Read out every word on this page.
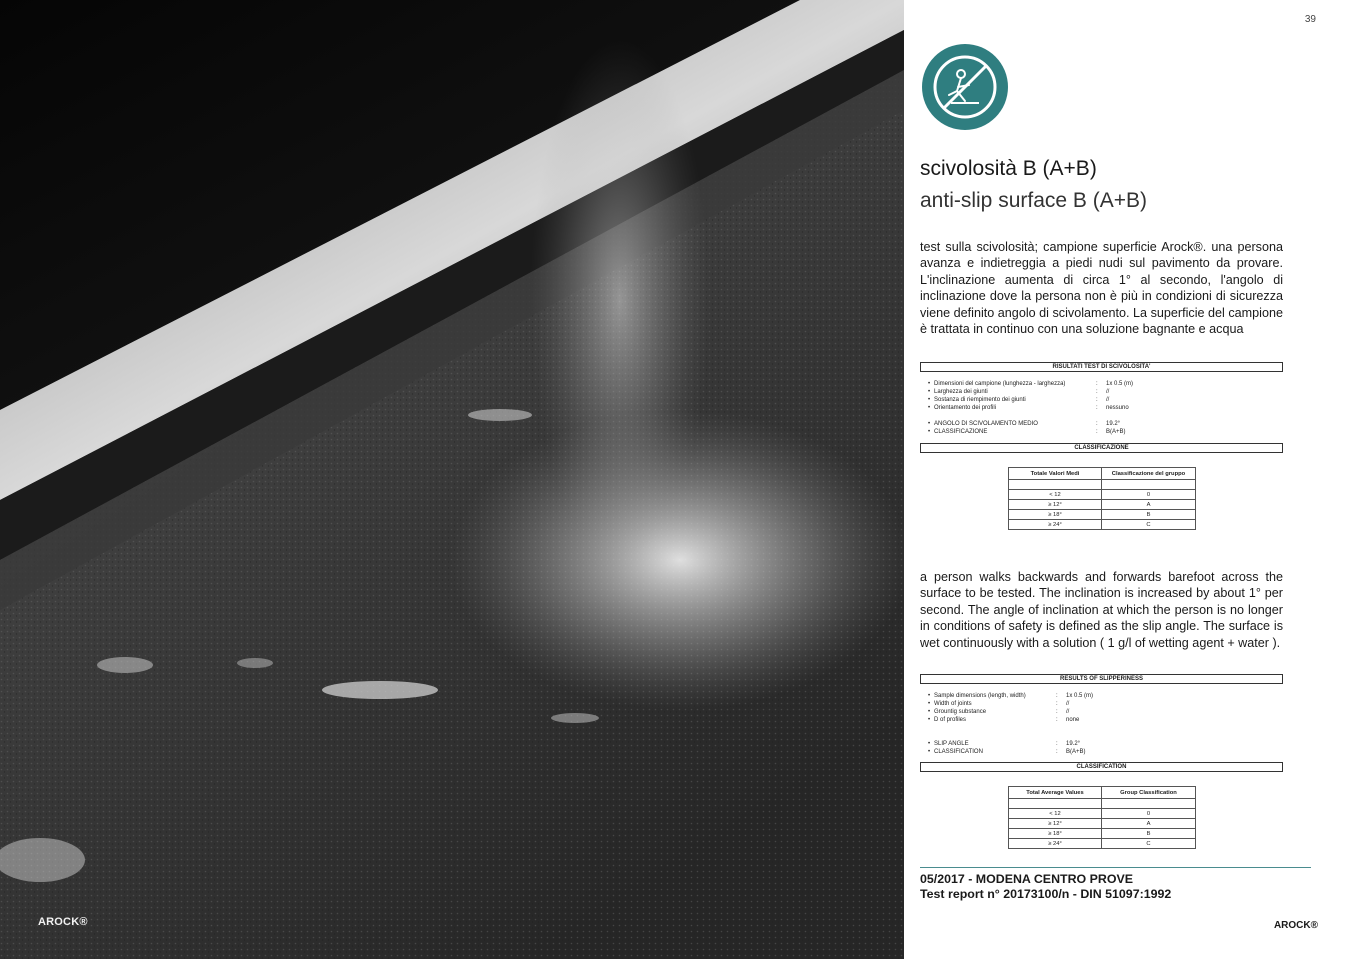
AROCK®
39
scivolosità B (A+B)
anti-slip surface B (A+B)

test sulla scivolosità; campione superficie Arock®. una persona avanza e indietreggia a piedi nudi sul pavimento da provare. L'inclinazione aumenta di circa 1° al secondo, l'angolo di inclinazione dove la persona non è più in condizioni di sicurezza viene definito angolo di scivolamento. La superficie del campione è trattata in continuo con una soluzione bagnante e acqua

RISULTATI TEST DI SCIVOLOSITA'
• Dimensioni del campione (lunghezza - larghezza)	:	1x 0.5 (m)
• Larghezza dei giunti	:	//
• Sostanza di riempimento dei giunti	:	//
• Orientamento dei profili	:	nessuno
• ANGOLO DI SCIVOLAMENTO MEDIO	:	19.2°
• CLASSIFICAZIONE	:	B(A+B)
CLASSIFICAZIONE
Totale Valori Medi	Classificazione del gruppo

< 12	0
≥ 12°	A
≥ 18°	B
≥ 24°	C

a person walks backwards and forwards barefoot across the surface to be tested. The inclination is increased by about 1° per second. The angle of inclination at which the person is no longer in conditions of safety is defined as the slip angle. The surface is wet continuously with a solution ( 1 g/l of wetting agent + water ).

RESULTS OF SLIPPERINESS
• Sample dimensions (length, width)	:	1x 0.5 (m)
• Width of joints	:	//
• Grountig substance	:	//
• D of profiles	:	none
• SLIP ANGLE	:	19.2°
• CLASSIFICATION	:	B(A+B)
CLASSIFICATION
Total Average Values	Group Classification

< 12	0
≥ 12°	A
≥ 18°	B
≥ 24°	C
05/2017 - MODENA CENTRO PROVE
Test report n° 20173100/n - DIN 51097:1992
AROCK®
